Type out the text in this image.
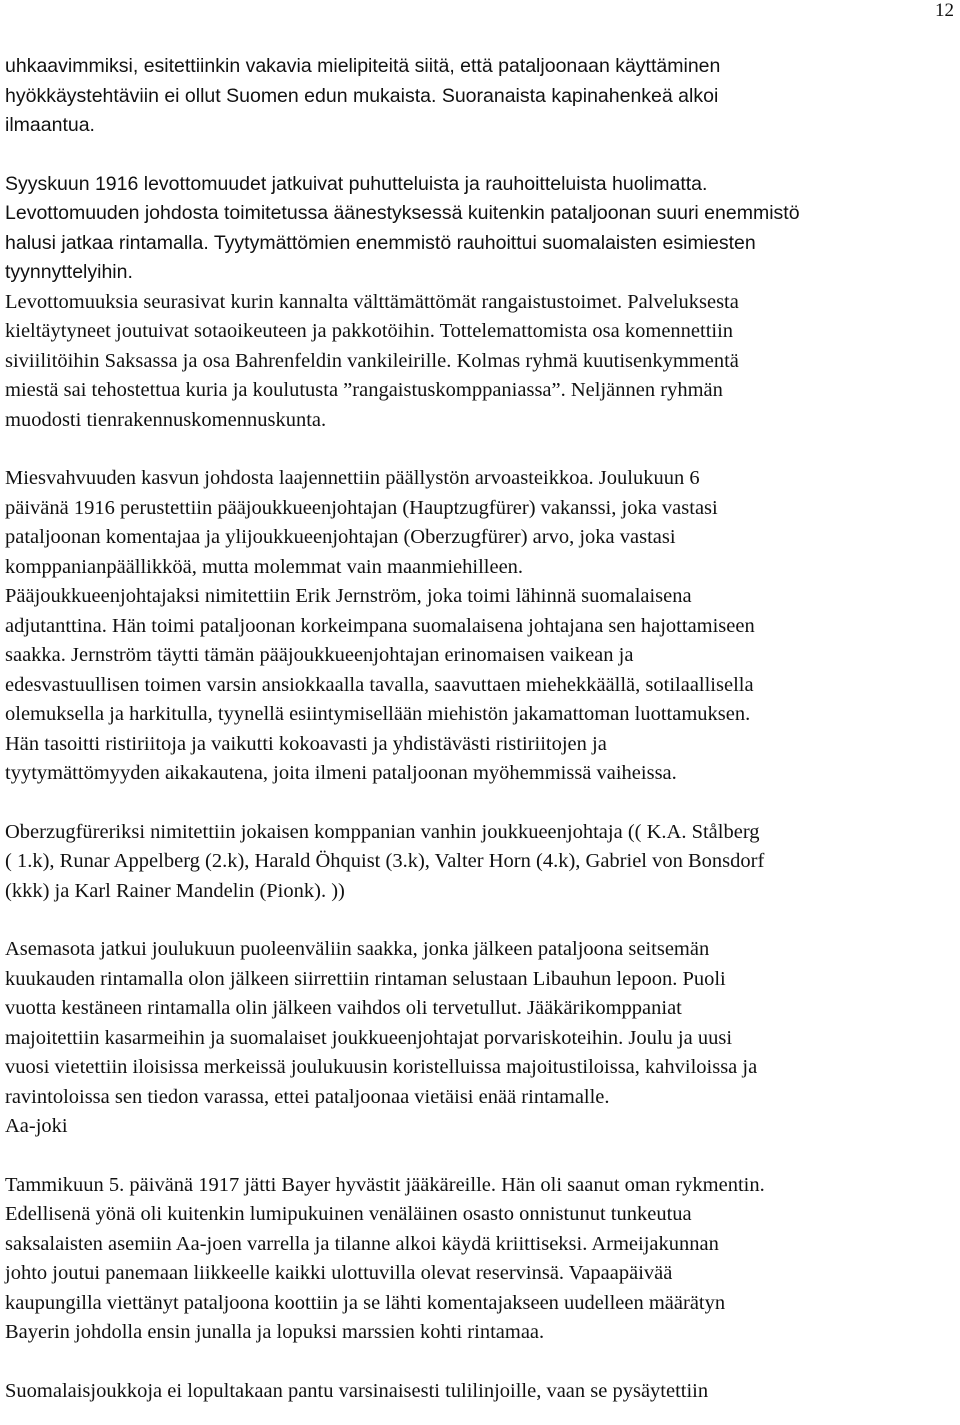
12

uhkaavimmiksi, esitettiinkin vakavia mielipiteitä siitä, että pataljoonaan käyttäminen
hyökkäystehtäviin ei ollut Suomen edun mukaista. Suoranaista kapinahenkeä alkoi
ilmaantua.

Syyskuun 1916 levottomuudet jatkuivat puhutteluista ja rauhoitteluista huolimatta.
Levottomuuden johdosta toimitetussa äänestyksessä kuitenkin pataljoonan suuri enemmistö
halusi jatkaa rintamalla. Tyytymättömien enemmistö rauhoittui suomalaisten esimiesten
tyynnyttelyihin.

Levottomuuksia seurasivat kurin kannalta välttämättömät rangaistustoimet. Palveluksesta
kieltäytyneet joutuivat sotaoikeuteen ja pakkotöihin. Tottelemattomista osa komennettiin
siviilitöihin Saksassa ja osa Bahrenfeldin vankileirille. Kolmas ryhmä kuutisenkymmentä
miestä sai tehostettua kuria ja koulutusta ”rangaistuskomppaniassa”. Neljännen ryhmän
muodosti tienrakennuskomennuskunta.

Miesvahvuuden kasvun johdosta laajennettiin päällystön arvoasteikkoa. Joulukuun 6
päivänä 1916 perustettiin pääjoukkueenjohtajan (Hauptzugfürer) vakanssi, joka vastasi
pataljoonan komentajaa ja ylijoukkueenjohtajan (Oberzugfürer) arvo, joka vastasi
komppanianpäällikköä, mutta molemmat vain maanmiehilleen.
Pääjoukkueenjohtajaksi nimitettiin Erik Jernström, joka toimi lähinnä suomalaisena
adjutanttina. Hän toimi pataljoonan korkeimpana suomalaisena johtajana sen hajottamiseen
saakka. Jernström täytti tämän pääjoukkueenjohtajan erinomaisen vaikean ja
edesvastuullisen toimen varsin ansiokkaalla tavalla, saavuttaen miehekkäällä, sotilaallisella
olemuksella ja harkitulla, tyynellä esiintymisellään miehistön jakamattoman luottamuksen.
Hän tasoitti ristiriitoja ja vaikutti kokoavasti ja yhdistävästi ristiriitojen ja
tyytymättömyyden aikakautena, joita ilmeni pataljoonan myöhemmissä vaiheissa.

Oberzugfüreriksi nimitettiin jokaisen komppanian vanhin joukkueenjohtaja (( K.A. Stålberg
( 1.k), Runar Appelberg (2.k), Harald Öhquist (3.k), Valter Horn (4.k), Gabriel von Bonsdorf
(kkk) ja Karl Rainer Mandelin (Pionk). ))

Asemasota jatkui joulukuun puoleenväliin saakka, jonka jälkeen pataljoona seitsemän
kuukauden rintamalla olon jälkeen siirrettiin rintaman selustaan Libauhun lepoon. Puoli
vuotta kestäneen rintamalla olin jälkeen vaihdos oli tervetullut. Jääkärikomppaniat
majoitettiin kasarmeihin ja suomalaiset joukkueenjohtajat porvariskoteihin. Joulu ja uusi
vuosi vietettiin iloisissa merkeissä joulukuusin koristelluissa majoitustiloissa, kahviloissa ja
ravintoloissa sen tiedon varassa, ettei pataljoonaa vietäisi enää rintamalle.

Aa-joki

Tammikuun 5. päivänä 1917 jätti Bayer hyvästit jääkäreille. Hän oli saanut oman rykmentin.
Edellisenä yönä oli kuitenkin lumipukuinen venäläinen osasto onnistunut tunkeutua
saksalaisten asemiin Aa-joen varrella ja tilanne alkoi käydä kriittiseksi. Armeijakunnan
johto joutui panemaan liikkeelle kaikki ulottuvilla olevat reservinsä. Vapaapäivää
kaupungilla viettänyt pataljoona koottiin ja se lähti komentajakseen uudelleen määrätyn
Bayerin johdolla ensin junalla ja lopuksi marssien kohti rintamaa.

Suomalaisjoukkoja ei lopultakaan pantu varsinaisesti tulilinjoille, vaan se pysäytettiin
